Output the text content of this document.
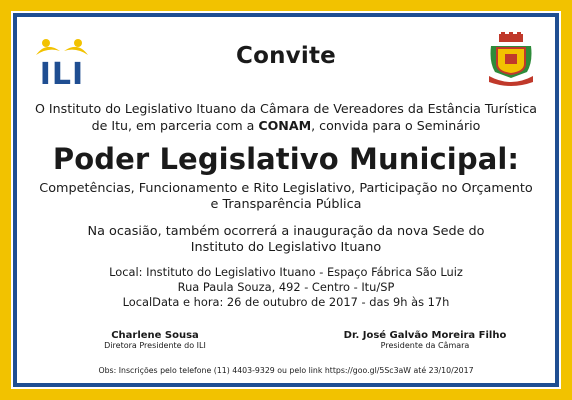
ILI
Convite
O Instituto do Legislativo Ituano da Câmara de Vereadores da Estância Turística de Itu, em parceria com a CONAM, convida para o Seminário
Poder Legislativo Municipal:
Competências, Funcionamento e Rito Legislativo, Participação no Orçamento
e Transparência Pública
Na ocasião, também ocorrerá a inauguração da nova Sede do
Instituto do Legislativo Ituano
Local: Instituto do Legislativo Ituano - Espaço Fábrica São Luiz
Rua Paula Souza, 492 - Centro - Itu/SP
LocalData e hora: 26 de outubro de 2017 - das 9h às 17h
Charlene Sousa
Diretora Presidente do ILI
Dr. José Galvão Moreira Filho
Presidente da Câmara
Obs: Inscrições pelo telefone (11) 4403-9329 ou pelo link https://goo.gl/5Sc3aW até 23/10/2017
